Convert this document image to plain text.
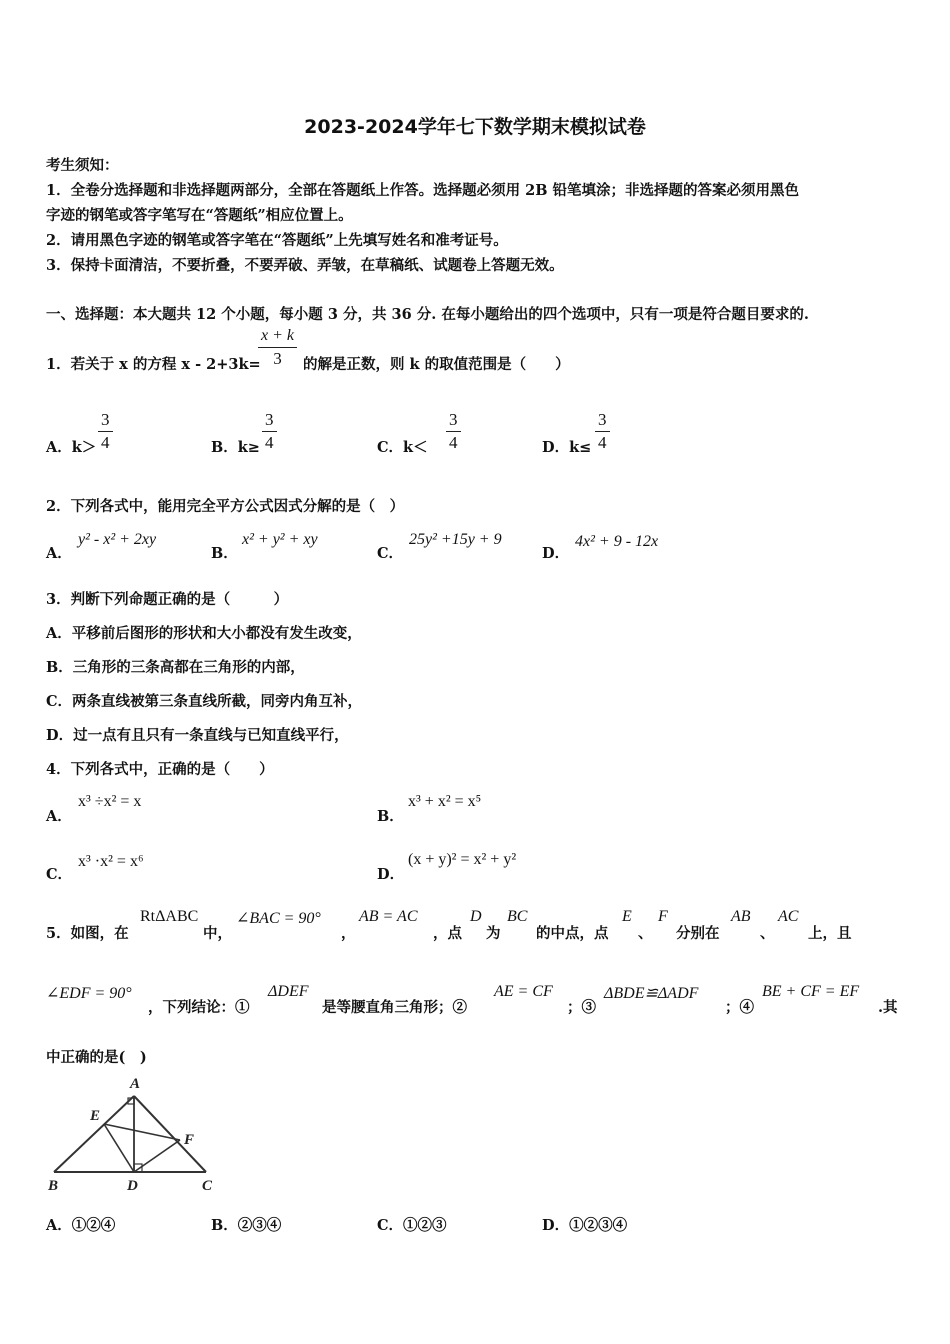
2023-2024学年七下数学期末模拟试卷
考生须知：
1．全卷分选择题和非选择题两部分，全部在答题纸上作答。选择题必须用 2B 铅笔填涂；非选择题的答案必须用黑色
字迹的钢笔或答字笔写在“答题纸”相应位置上。
2．请用黑色字迹的钢笔或答字笔在“答题纸”上先填写姓名和准考证号。
3．保持卡面清洁，不要折叠，不要弄破、弄皱，在草稿纸、试题卷上答题无效。
一、选择题：本大题共 12 个小题，每小题 3 分，共 36 分. 在每小题给出的四个选项中，只有一项是符合题目要求的.
1．若关于 x 的方程 x - 2+3k=
$\frac{x + k}{3}$ 的解是正数，则 k 的取值范围是（　　）
A．$k> \frac{3}{4}$	B．$k\ge \frac{3}{4}$	C．$k< \frac{3}{4}$	D．$k\le \frac{3}{4}$
2．下列各式中，能用完全平方公式因式分解的是（　）
A．
y² - x² + 2xy
B．
x² + y² + xy
C．
25y² +15y + 9
D．
4x² + 9 - 12x
3．判断下列命题正确的是（　　　）
A．平移前后图形的形状和大小都没有发生改变，
B．三角形的三条高都在三角形的内部，
C．两条直线被第三条直线所截，同旁内角互补，
D．过一点有且只有一条直线与已知直线平行，
4．下列各式中，正确的是（　　）
A．
x³ ÷x² = x
B．
x³ + x² = x⁵
C．
x³ ·x² = x⁶
D．
(x + y)² = x² + y²
5．如图，在
RtΔABC
中，
∠BAC = 90°
，
AB = AC
，点
D
为
BC
的中点，点
E
、
F
分别在
AB
、
AC
上，且
∠EDF = 90°
，下列结论：①
ΔDEF
是等腰直角三角形；②
AE = CF
；③
ΔBDE≌ΔADF
；④
BE + CF = EF
.其
中正确的是(　)
A
B	C
D
E
F
A．①②④	B．②③④	C．①②③	D．①②③④
